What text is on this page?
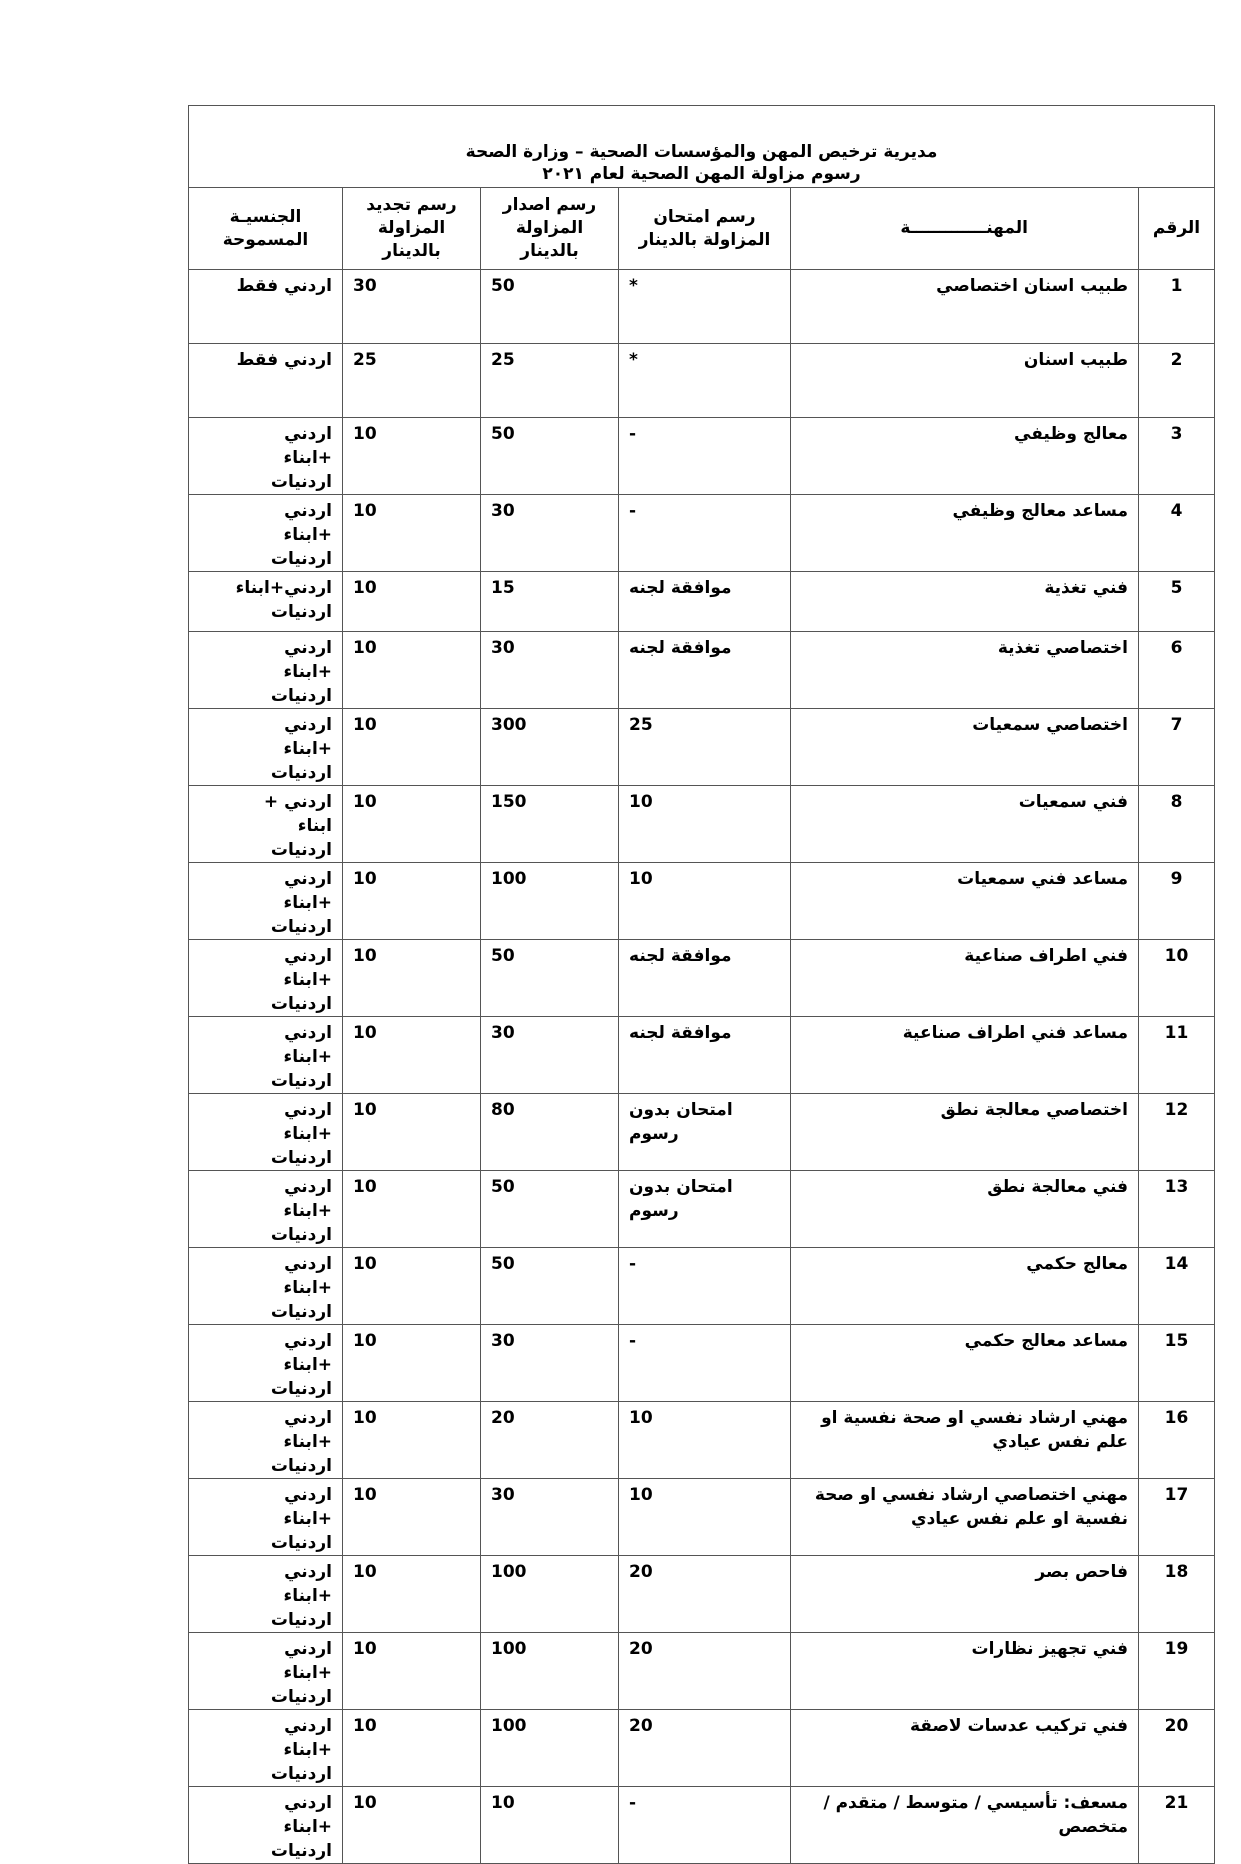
مديرية ترخيص المهن والمؤسسات الصحية – وزارة الصحة
رسوم مزاولة المهن الصحية لعام ٢٠٢١					

الرقم	المهنـــــــــــــة	رسم امتحان المزاولة بالدينار	رسم اصدار المزاولة بالدينار	رسم تجديد المزاولة بالدينار	الجنسيـة المسموحة
1	طبيب اسنان اختصاصي	*	50	30	اردني فقط
2	طبيب اسنان	*	25	25	اردني فقط
3	معالج وظيفي	-	50	10	اردني +ابناء اردنيات
4	مساعد معالج وظيفي	-	30	10	اردني +ابناء اردنيات
5	فني تغذية	موافقة لجنه	15	10	اردني+ابناء اردنيات
6	اختصاصي تغذية	موافقة لجنه	30	10	اردني +ابناء اردنيات
7	اختصاصي سمعيات	25	300	10	اردني +ابناء اردنيات
8	فني سمعيات	10	150	10	اردني + ابناء اردنيات
9	مساعد فني سمعيات	10	100	10	اردني +ابناء اردنيات
10	فني اطراف صناعية	موافقة لجنه	50	10	اردني +ابناء اردنيات
11	مساعد فني اطراف صناعية	موافقة لجنه	30	10	اردني +ابناء اردنيات
12	اختصاصي معالجة نطق	امتحان بدون رسوم	80	10	اردني +ابناء اردنيات
13	فني معالجة نطق	امتحان بدون رسوم	50	10	اردني +ابناء اردنيات
14	معالج حكمي	-	50	10	اردني +ابناء اردنيات
15	مساعد معالج حكمي	-	30	10	اردني +ابناء اردنيات
16	مهني ارشاد نفسي او صحة نفسية او علم نفس عيادي	10	20	10	اردني +ابناء اردنيات
17	مهني اختصاصي ارشاد نفسي او صحة نفسية او علم نفس عيادي	10	30	10	اردني +ابناء اردنيات
18	فاحص بصر	20	100	10	اردني +ابناء اردنيات
19	فني تجهيز نظارات	20	100	10	اردني +ابناء اردنيات
20	فني تركيب عدسات لاصقة	20	100	10	اردني +ابناء اردنيات
21	مسعف: تأسيسي / متوسط / متقدم / متخصص	-	10	10	اردني +ابناء اردنيات
